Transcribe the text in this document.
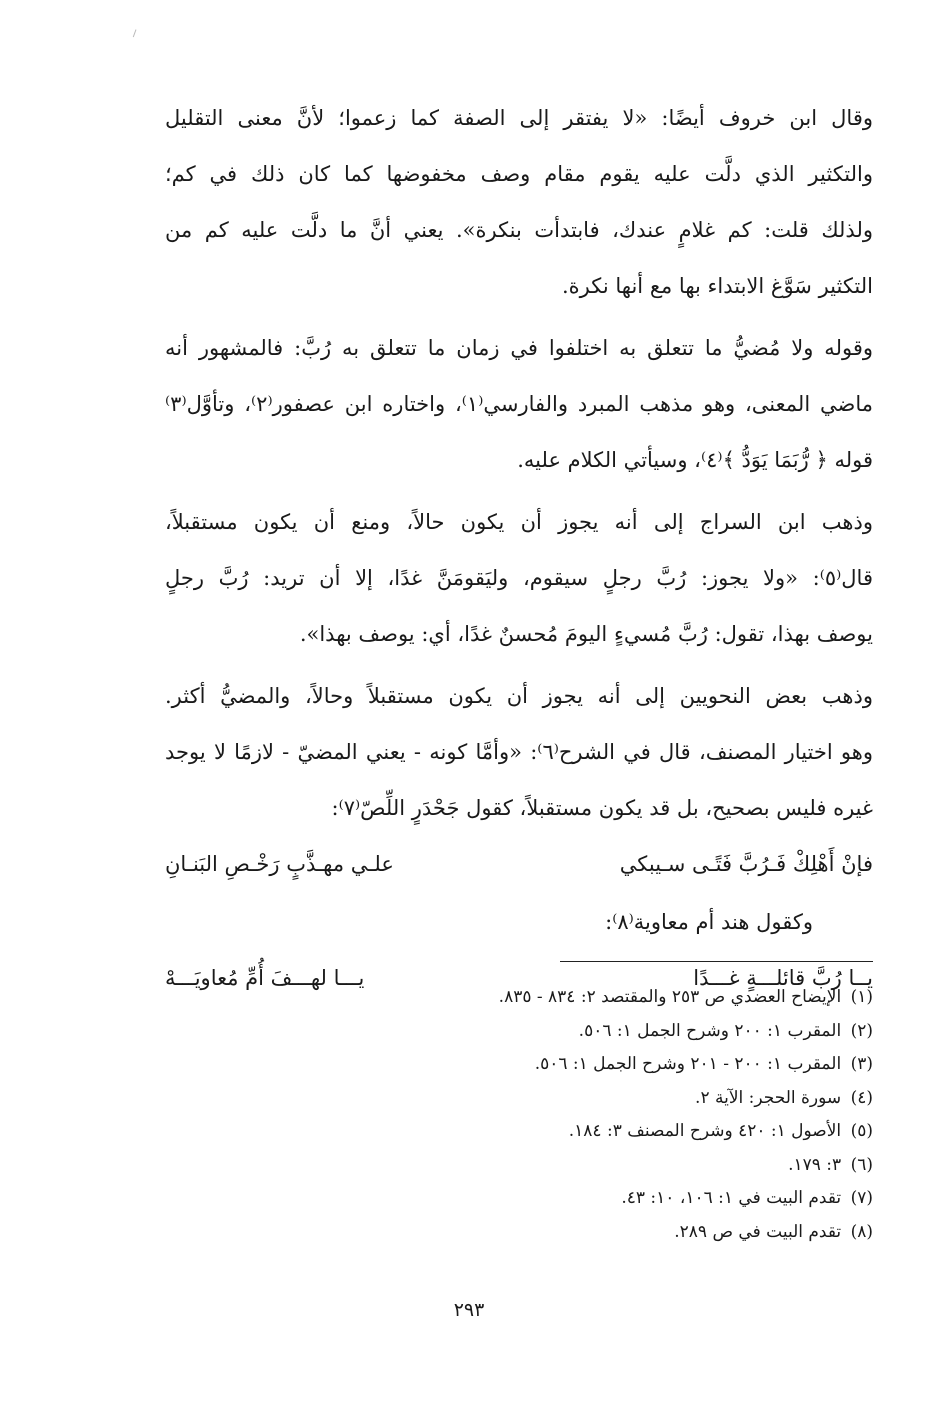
وقال ابن خروف أيضًا: «لا يفتقر إلى الصفة كما زعموا؛ لأنَّ معنى التقليل
والتكثير الذي دلَّت عليه يقوم مقام وصف مخفوضها كما كان ذلك في كم؛
ولذلك قلت: كم غلامٍ عندك، فابتدأت بنكرة». يعني أنَّ ما دلَّت عليه كم من
التكثير سَوَّغ الابتداء بها مع أنها نكرة.
وقوله ولا مُضيُّ ما تتعلق به اختلفوا في زمان ما تتعلق به رُبَّ: فالمشهور أنه
ماضي المعنى، وهو مذهب المبرد والفارسي⁽١⁾، واختاره ابن عصفور⁽٢⁾، وتأوَّل⁽٣⁾
قوله ﴿ رُّبَمَا يَوَدُّ ﴾⁽٤⁾، وسيأتي الكلام عليه.
وذهب ابن السراج إلى أنه يجوز أن يكون حالاً، ومنع أن يكون مستقبلاً،
قال⁽٥⁾: «ولا يجوز: رُبَّ رجلٍ سيقوم، وليَقومَنَّ غدًا، إلا أن تريد: رُبَّ رجلٍ
يوصف بهذا، تقول: رُبَّ مُسيءٍ اليومَ مُحسنٌ غدًا، أي: يوصف بهذا».
وذهب بعض النحويين إلى أنه يجوز أن يكون مستقبلاً وحالاً، والمضيُّ أكثر.
وهو اختيار المصنف، قال في الشرح⁽٦⁾: «وأمَّا كونه - يعني المضيّ - لازمًا لا يوجد
غيره فليس بصحيح، بل قد يكون مستقبلاً، كقول جَحْدَرٍ اللِّصّ⁽٧⁾:
فإنْ أَهْلِكْ فَـرُبَّ فَتًـى سـيبكي
علـي مهـذَّبٍ رَخْـصِ البَنـانِ
وكقول هند أم معاوية⁽٨⁾:
يــا رُبَّ قائلـــةٍ غـــدًا
يـــا لهـــفَ أُمِّ مُعاويَـــهْ
(١) الإيضاح العضدي ص ٢٥٣ والمقتصد ٢: ٨٣٤ - ٨٣٥.
(٢) المقرب ١: ٢٠٠ وشرح الجمل ١: ٥٠٦.
(٣) المقرب ١: ٢٠٠ - ٢٠١ وشرح الجمل ١: ٥٠٦.
(٤) سورة الحجر: الآية ٢.
(٥) الأصول ١: ٤٢٠ وشرح المصنف ٣: ١٨٤.
(٦) ٣: ١٧٩.
(٧) تقدم البيت في ١: ١٠٦، ١٠: ٤٣.
(٨) تقدم البيت في ص ٢٨٩.
٢٩٣
